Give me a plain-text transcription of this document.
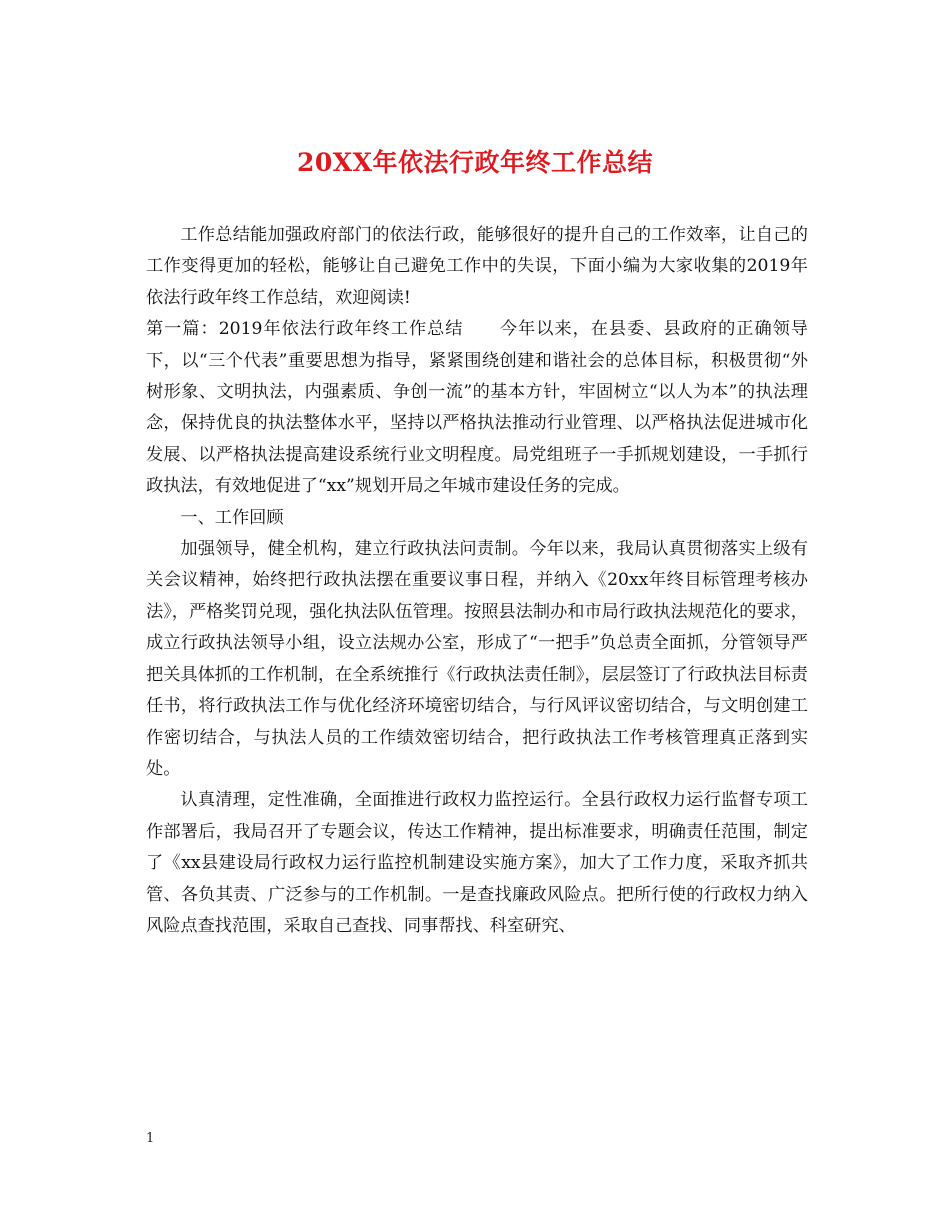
20XX年依法行政年终工作总结

工作总结能加强政府部门的依法行政，能够很好的提升自己的工作效率，让自己的工作变得更加的轻松，能够让自己避免工作中的失误，下面小编为大家收集的2019年依法行政年终工作总结，欢迎阅读!

第一篇：2019年依法行政年终工作总结　　今年以来，在县委、县政府的正确领导下，以“三个代表”重要思想为指导，紧紧围绕创建和谐社会的总体目标，积极贯彻“外树形象、文明执法，内强素质、争创一流”的基本方针，牢固树立“以人为本”的执法理念，保持优良的执法整体水平，坚持以严格执法推动行业管理、以严格执法促进城市化发展、以严格执法提高建设系统行业文明程度。局党组班子一手抓规划建设，一手抓行政执法，有效地促进了“xx”规划开局之年城市建设任务的完成。

一、工作回顾

加强领导，健全机构，建立行政执法问责制。今年以来，我局认真贯彻落实上级有关会议精神，始终把行政执法摆在重要议事日程，并纳入《20xx年终目标管理考核办法》，严格奖罚兑现，强化执法队伍管理。按照县法制办和市局行政执法规范化的要求，成立行政执法领导小组，设立法规办公室，形成了“一把手”负总责全面抓，分管领导严把关具体抓的工作机制，在全系统推行《行政执法责任制》，层层签订了行政执法目标责任书，将行政执法工作与优化经济环境密切结合，与行风评议密切结合，与文明创建工作密切结合，与执法人员的工作绩效密切结合，把行政执法工作考核管理真正落到实处。

认真清理，定性准确，全面推进行政权力监控运行。全县行政权力运行监督专项工作部署后，我局召开了专题会议，传达工作精神，提出标准要求，明确责任范围，制定了《xx县建设局行政权力运行监控机制建设实施方案》，加大了工作力度，采取齐抓共管、各负其责、广泛参与的工作机制。一是查找廉政风险点。把所行使的行政权力纳入风险点查找范围，采取自己查找、同事帮找、科室研究、

1
